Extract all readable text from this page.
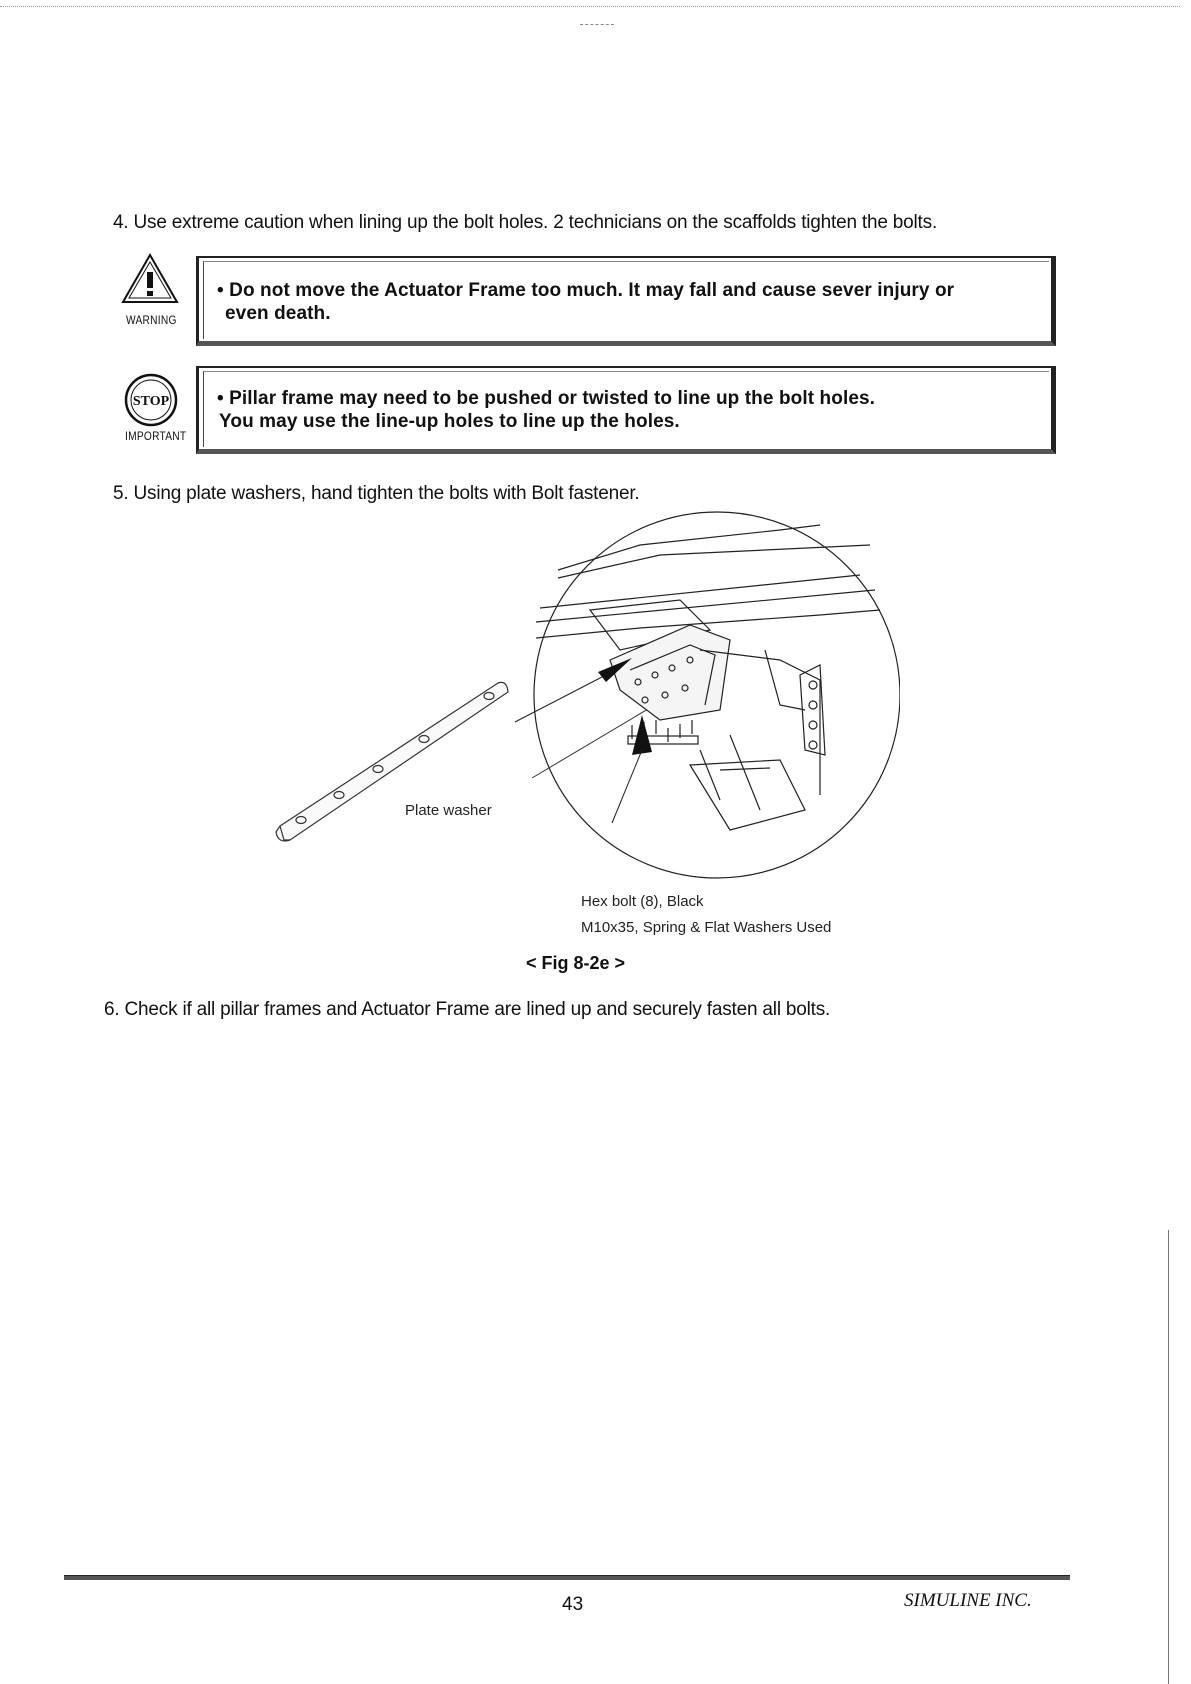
4. Use extreme caution when lining up the bolt holes. 2 technicians on the scaffolds tighten the bolts.
WARNING
• Do not move the Actuator Frame too much. It may fall and cause sever injury or
even death.
STOP
IMPORTANT
• Pillar frame may need to be pushed or twisted to line up the bolt holes.
You may use the line-up holes to line up the holes.
5. Using plate washers, hand tighten the bolts with Bolt fastener.
Plate washer
Hex bolt (8), Black
M10x35, Spring & Flat Washers Used
< Fig 8-2e >
6. Check if all pillar frames and Actuator Frame are lined up and securely fasten all bolts.
43	SIMULINE INC.
